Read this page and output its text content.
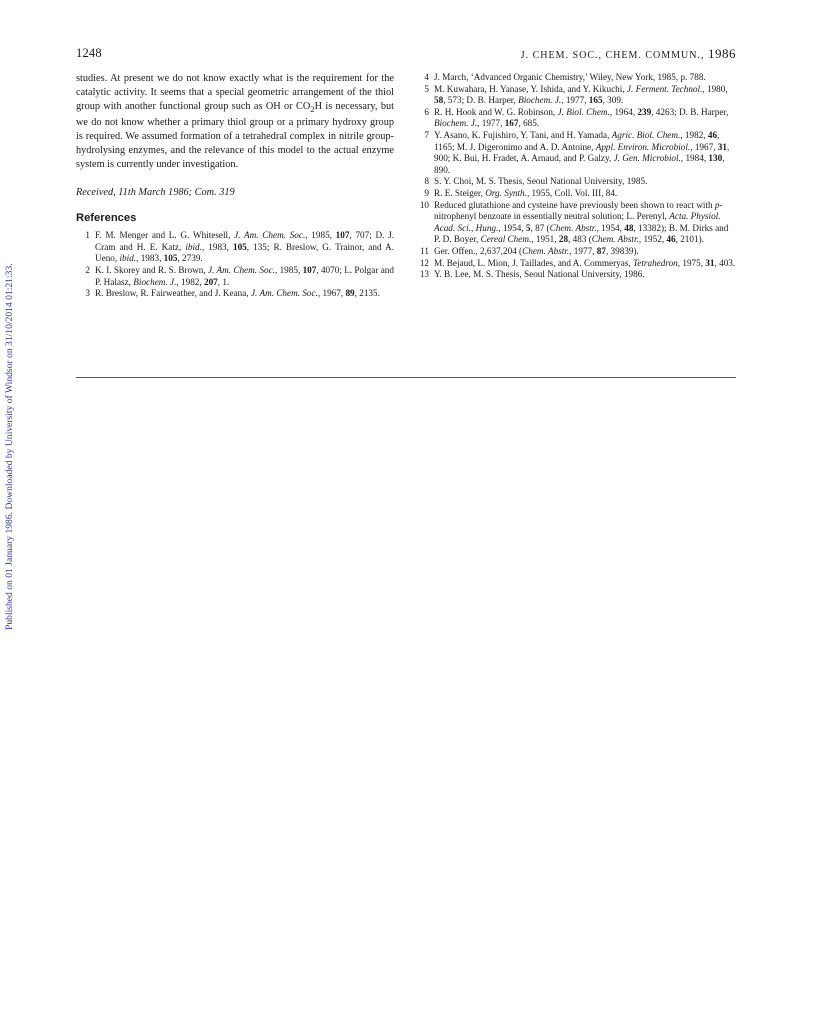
1248	J. CHEM. SOC., CHEM. COMMUN., 1986
Published on 01 January 1986. Downloaded by University of Windsor on 31/10/2014 01:21:33.

studies. At present we do not know exactly what is the requirement for the catalytic activity. It seems that a special geometric arrangement of the thiol group with another functional group such as OH or $CO_2H$ is necessary, but we do not know whether a primary thiol group or a primary hydroxy group is required. We assumed formation of a tetrahedral complex in nitrile group-hydrolysing enzymes, and the relevance of this model to the actual enzyme system is currently under investigation.

Received, 11th March 1986; Com. 319

References
1 F. M. Menger and L. G. Whitesell, J. Am. Chem. Soc., 1985, 107, 707; D. J. Cram and H. E. Katz, ibid., 1983, 105, 135; R. Breslow, G. Trainor, and A. Ueno, ibid., 1983, 105, 2739.
2 K. I. Skorey and R. S. Brown, J. Am. Chem. Soc., 1985, 107, 4070; L. Polgar and P. Halasz, Biochem. J., 1982, 207, 1.
3 R. Breslow, R. Fairweather, and J. Keana, J. Am. Chem. Soc., 1967, 89, 2135.
4 J. March, ‘Advanced Organic Chemistry,’ Wiley, New York, 1985, p. 788.
5 M. Kuwahara, H. Yanase, Y. Ishida, and Y. Kikuchi, J. Ferment. Technol., 1980, 58, 573; D. B. Harper, Biochem. J., 1977, 165, 309.
6 R. H. Hook and W. G. Robinson, J. Biol. Chem., 1964, 239, 4263; D. B. Harper, Biochem. J., 1977, 167, 685.
7 Y. Asano, K. Fujishiro, Y. Tani, and H. Yamada, Agric. Biol. Chem., 1982, 46, 1165; M. J. Digeronimo and A. D. Antoine, Appl. Environ. Microbiol., 1967, 31, 900; K. Bui, H. Fradet, A. Arnaud, and P. Galzy, J. Gen. Microbiol., 1984, 130, 890.
8 S. Y. Choi, M. S. Thesis, Seoul National University, 1985.
9 R. E. Steiger, Org. Synth., 1955, Coll. Vol. III, 84.
10 Reduced glutathione and cysteine have previously been shown to react with p-nitrophenyl benzoate in essentially neutral solution; L. Perenyl, Acta. Physiol. Acad. Sci., Hung., 1954, 5, 87 (Chem. Abstr., 1954, 48, 13382); B. M. Dirks and P. D. Boyer, Cereal Chem., 1951, 28, 483 (Chem. Abstr., 1952, 46, 2101).
11 Ger. Offen., 2,637,204 (Chem. Abstr., 1977, 87, 39839).
12 M. Bejaud, L. Mion, J. Taillades, and A. Commeryas, Tetrahedron, 1975, 31, 403.
13 Y. B. Lee, M. S. Thesis, Seoul National University, 1986.
